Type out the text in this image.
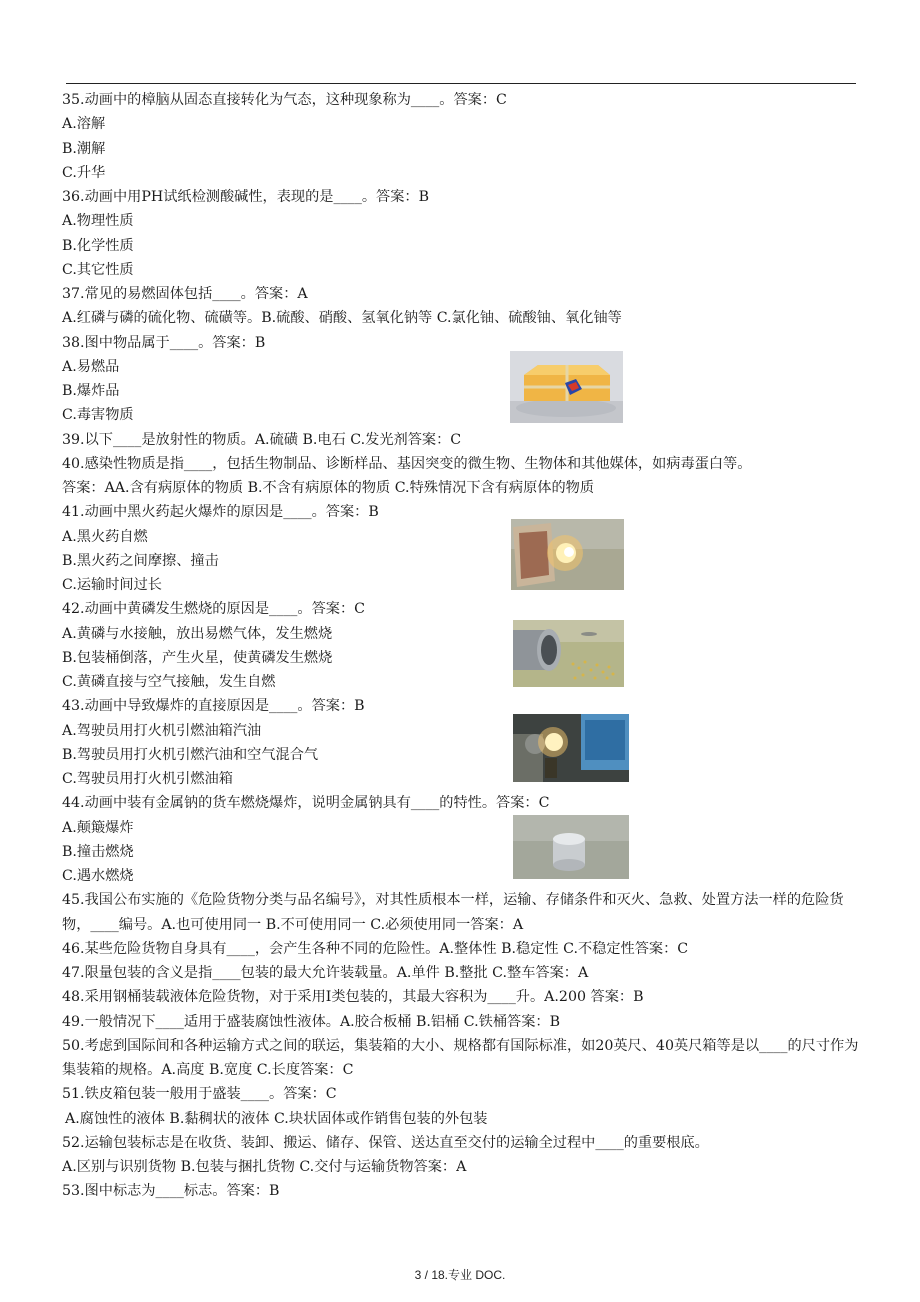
35.动画中的樟脑从固态直接转化为气态，这种现象称为____。答案：C
A.溶解
B.潮解
C.升华
36.动画中用PH试纸检测酸碱性，表现的是____。答案：B
A.物理性质
B.化学性质
C.其它性质
37.常见的易燃固体包括____。答案：A
A.红磷与磷的硫化物、硫磺等。B.硫酸、硝酸、氢氧化钠等 C.氯化铀、硫酸铀、氧化铀等
38.图中物品属于____。答案：B
A.易燃品
B.爆炸品
C.毒害物质
39.以下____是放射性的物质。A.硫磺 B.电石 C.发光剂答案：C
40.感染性物质是指____，包括生物制品、诊断样品、基因突变的微生物、生物体和其他媒体，如病毒蛋白等。
答案：AA.含有病原体的物质 B.不含有病原体的物质 C.特殊情况下含有病原体的物质
41.动画中黑火药起火爆炸的原因是____。答案：B
A.黑火药自燃
B.黑火药之间摩擦、撞击
C.运输时间过长
42.动画中黄磷发生燃烧的原因是____。答案：C
A.黄磷与水接触，放出易燃气体，发生燃烧
B.包装桶倒落，产生火星，使黄磷发生燃烧
C.黄磷直接与空气接触，发生自燃
43.动画中导致爆炸的直接原因是____。答案：B
A.驾驶员用打火机引燃油箱汽油
B.驾驶员用打火机引燃汽油和空气混合气
C.驾驶员用打火机引燃油箱
44.动画中装有金属钠的货车燃烧爆炸，说明金属钠具有____的特性。答案：C
A.颠簸爆炸
B.撞击燃烧
C.遇水燃烧
45.我国公布实施的《危险货物分类与品名编号》，对其性质根本一样，运输、存储条件和灭火、急救、处置方法一样的危险货物，____编号。A.也可使用同一 B.不可使用同一 C.必须使用同一答案：A
46.某些危险货物自身具有____，会产生各种不同的危险性。A.整体性 B.稳定性 C.不稳定性答案：C
47.限量包装的含义是指____包装的最大允许装载量。A.单件 B.整批 C.整车答案：A
48.采用钢桶装载液体危险货物，对于采用Ⅰ类包装的，其最大容积为____升。A.200 答案：B
49.一般情况下____适用于盛装腐蚀性液体。A.胶合板桶 B.铝桶 C.铁桶答案：B
50.考虑到国际间和各种运输方式之间的联运，集装箱的大小、规格都有国际标准，如20英尺、40英尺箱等是以____的尺寸作为集装箱的规格。A.高度 B.宽度 C.长度答案：C
51.铁皮箱包装一般用于盛装____。答案：C
A.腐蚀性的液体 B.黏稠状的液体 C.块状固体或作销售包装的外包装
52.运输包装标志是在收货、装卸、搬运、储存、保管、送达直至交付的运输全过程中____的重要根底。
A.区别与识别货物 B.包装与捆扎货物 C.交付与运输货物答案：A
53.图中标志为____标志。答案：B
3 / 18.专业 DOC.
